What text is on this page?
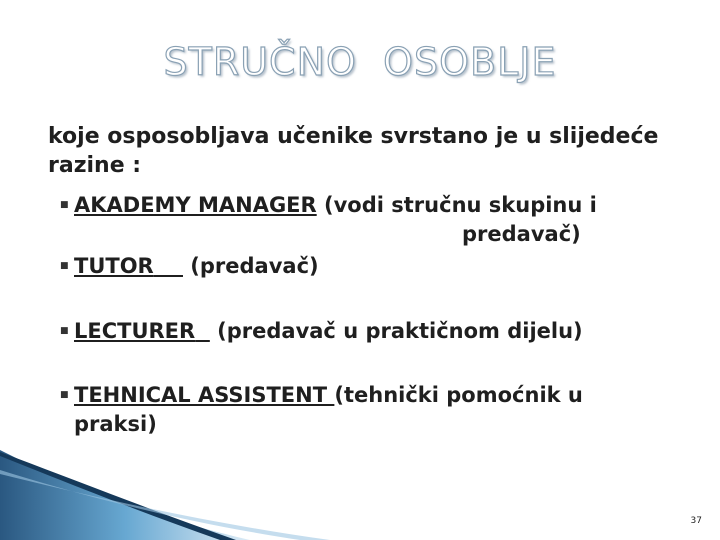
STRUČNO  OSOBLJE
koje osposobljava učenike svrstano je u slijedeće razine :
■ AKADEMY MANAGER (vodi stručnu skupinu i
predavač)
■ TUTOR (predavač)
■ LECTURER (predavač u praktičnom dijelu)
■ TEHNICAL ASSISTENT (tehnički pomoćnik u
praksi)
37
